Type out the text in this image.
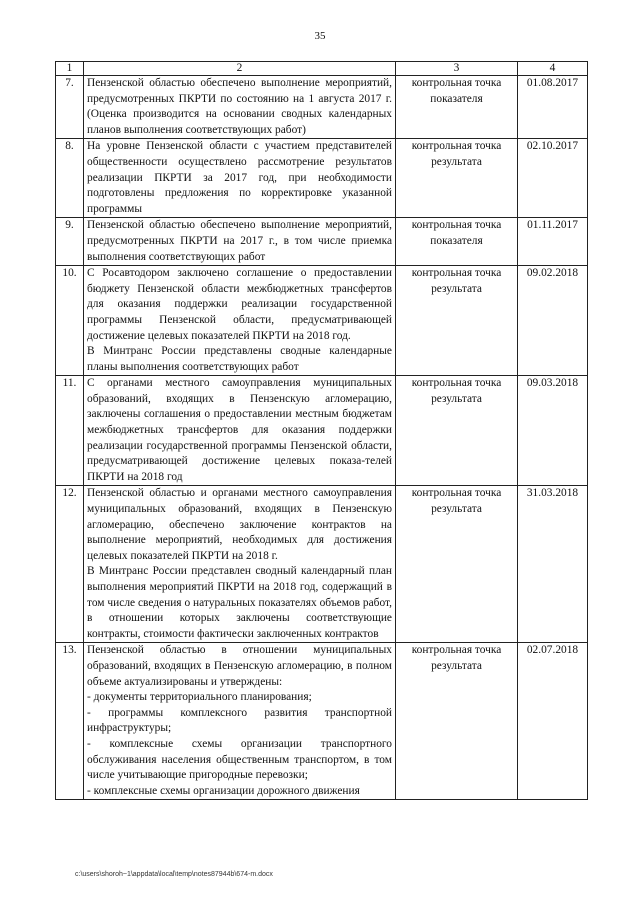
35
1	2	3	4
7.	Пензенской областью обеспечено выполнение мероприятий, предусмотренных ПКРТИ по состоянию на 1 августа 2017 г. (Оценка производится на основании сводных календарных планов выполнения соответствующих работ)	контрольная точка показателя	01.08.2017
8.	На уровне Пензенской области с участием представителей общественности осуществлено рассмотрение результатов реализации ПКРТИ за 2017 год, при необходимости подготовлены предложения по корректировке указанной программы	контрольная точка результата	02.10.2017
9.	Пензенской областью обеспечено выполнение мероприятий, предусмотренных ПКРТИ на 2017 г., в том числе приемка выполнения соответствующих работ	контрольная точка показателя	01.11.2017
10.	С Росавтодором заключено соглашение о предоставлении бюджету Пензенской области межбюджетных трансфертов для оказания поддержки реализации государственной программы Пензенской области, предусматривающей достижение целевых показателей ПКРТИ на 2018 год.

В Минтранс России представлены сводные календарные планы выполнения соответствующих работ	контрольная точка результата	09.02.2018
11.	С органами местного самоуправления муниципальных образований, входящих в Пензенскую агломерацию, заключены соглашения о предоставлении местным бюджетам межбюджетных трансфертов для оказания поддержки реализации государственной программы Пензенской области, предусматривающей достижение целевых показа-телей ПКРТИ на 2018 год	контрольная точка результата	09.03.2018
12.	Пензенской областью и органами местного самоуправления муниципальных образований, входящих в Пензенскую агломерацию, обеспечено заключение контрактов на выполнение мероприятий, необходимых для достижения целевых показателей ПКРТИ на 2018 г.

В Минтранс России представлен сводный календарный план выполнения мероприятий ПКРТИ на 2018 год, содержащий в том числе сведения о натуральных показателях объемов работ, в отношении которых заключены соответствующие контракты, стоимости фактически заключенных контрактов	контрольная точка результата	31.03.2018
13.	Пензенской областью в отношении муниципальных образований, входящих в Пензенскую агломерацию, в полном объеме актуализированы и утверждены:

- документы территориального планирования;

- программы комплексного развития транспортной инфраструктуры;

- комплексные схемы организации транспортного обслуживания населения общественным транспортом, в том числе учитывающие пригородные перевозки;

- комплексные схемы организации дорожного движения	контрольная точка результата	02.07.2018
c:\users\shoroh~1\appdata\local\temp\notes87944b\674-m.docx
